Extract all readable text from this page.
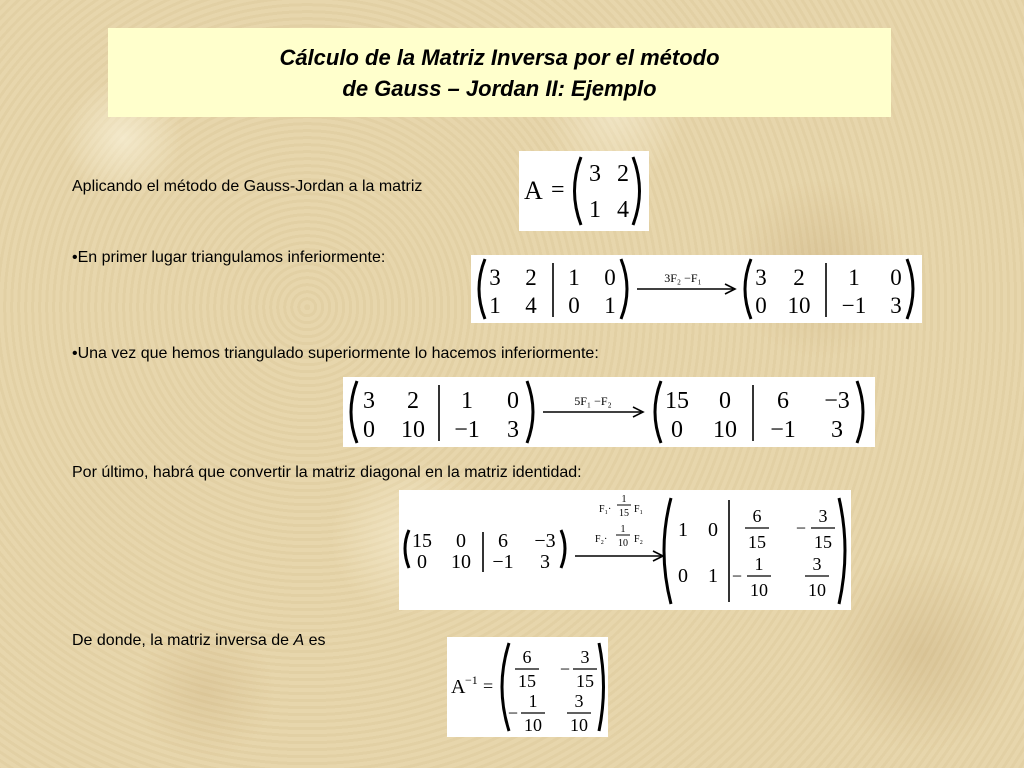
Cálculo de la Matriz Inversa por el método
de Gauss – Jordan II: Ejemplo
Aplicando el método de Gauss-Jordan a la matriz	A =
3 2
1 4
•En primer lugar triangulamos inferiormente:
3 2 1 0
1 4 0 1
3F₂ −F₁ 3 2 1 0
0 10 −1 3
•Una vez que hemos triangulado superiormente lo hacemos inferiormente:
3 2 1 0
0 10 −1 3
5F₁ −F₂ 15 0 6 −3
0 10 −1 3
Por último, habrá que convertir la matriz diagonal en la matriz identidad:
15 0 6 −3
0 10 −1 3
F₁·
1
15 F₁
F₂·
1
10 F₂ 1 0
0 1
6
15
−
3
15
−
1
10
3
10
De donde, la matriz inversa de A es
A −1 =
6
15
−
3
15
−
1
10
3
10
